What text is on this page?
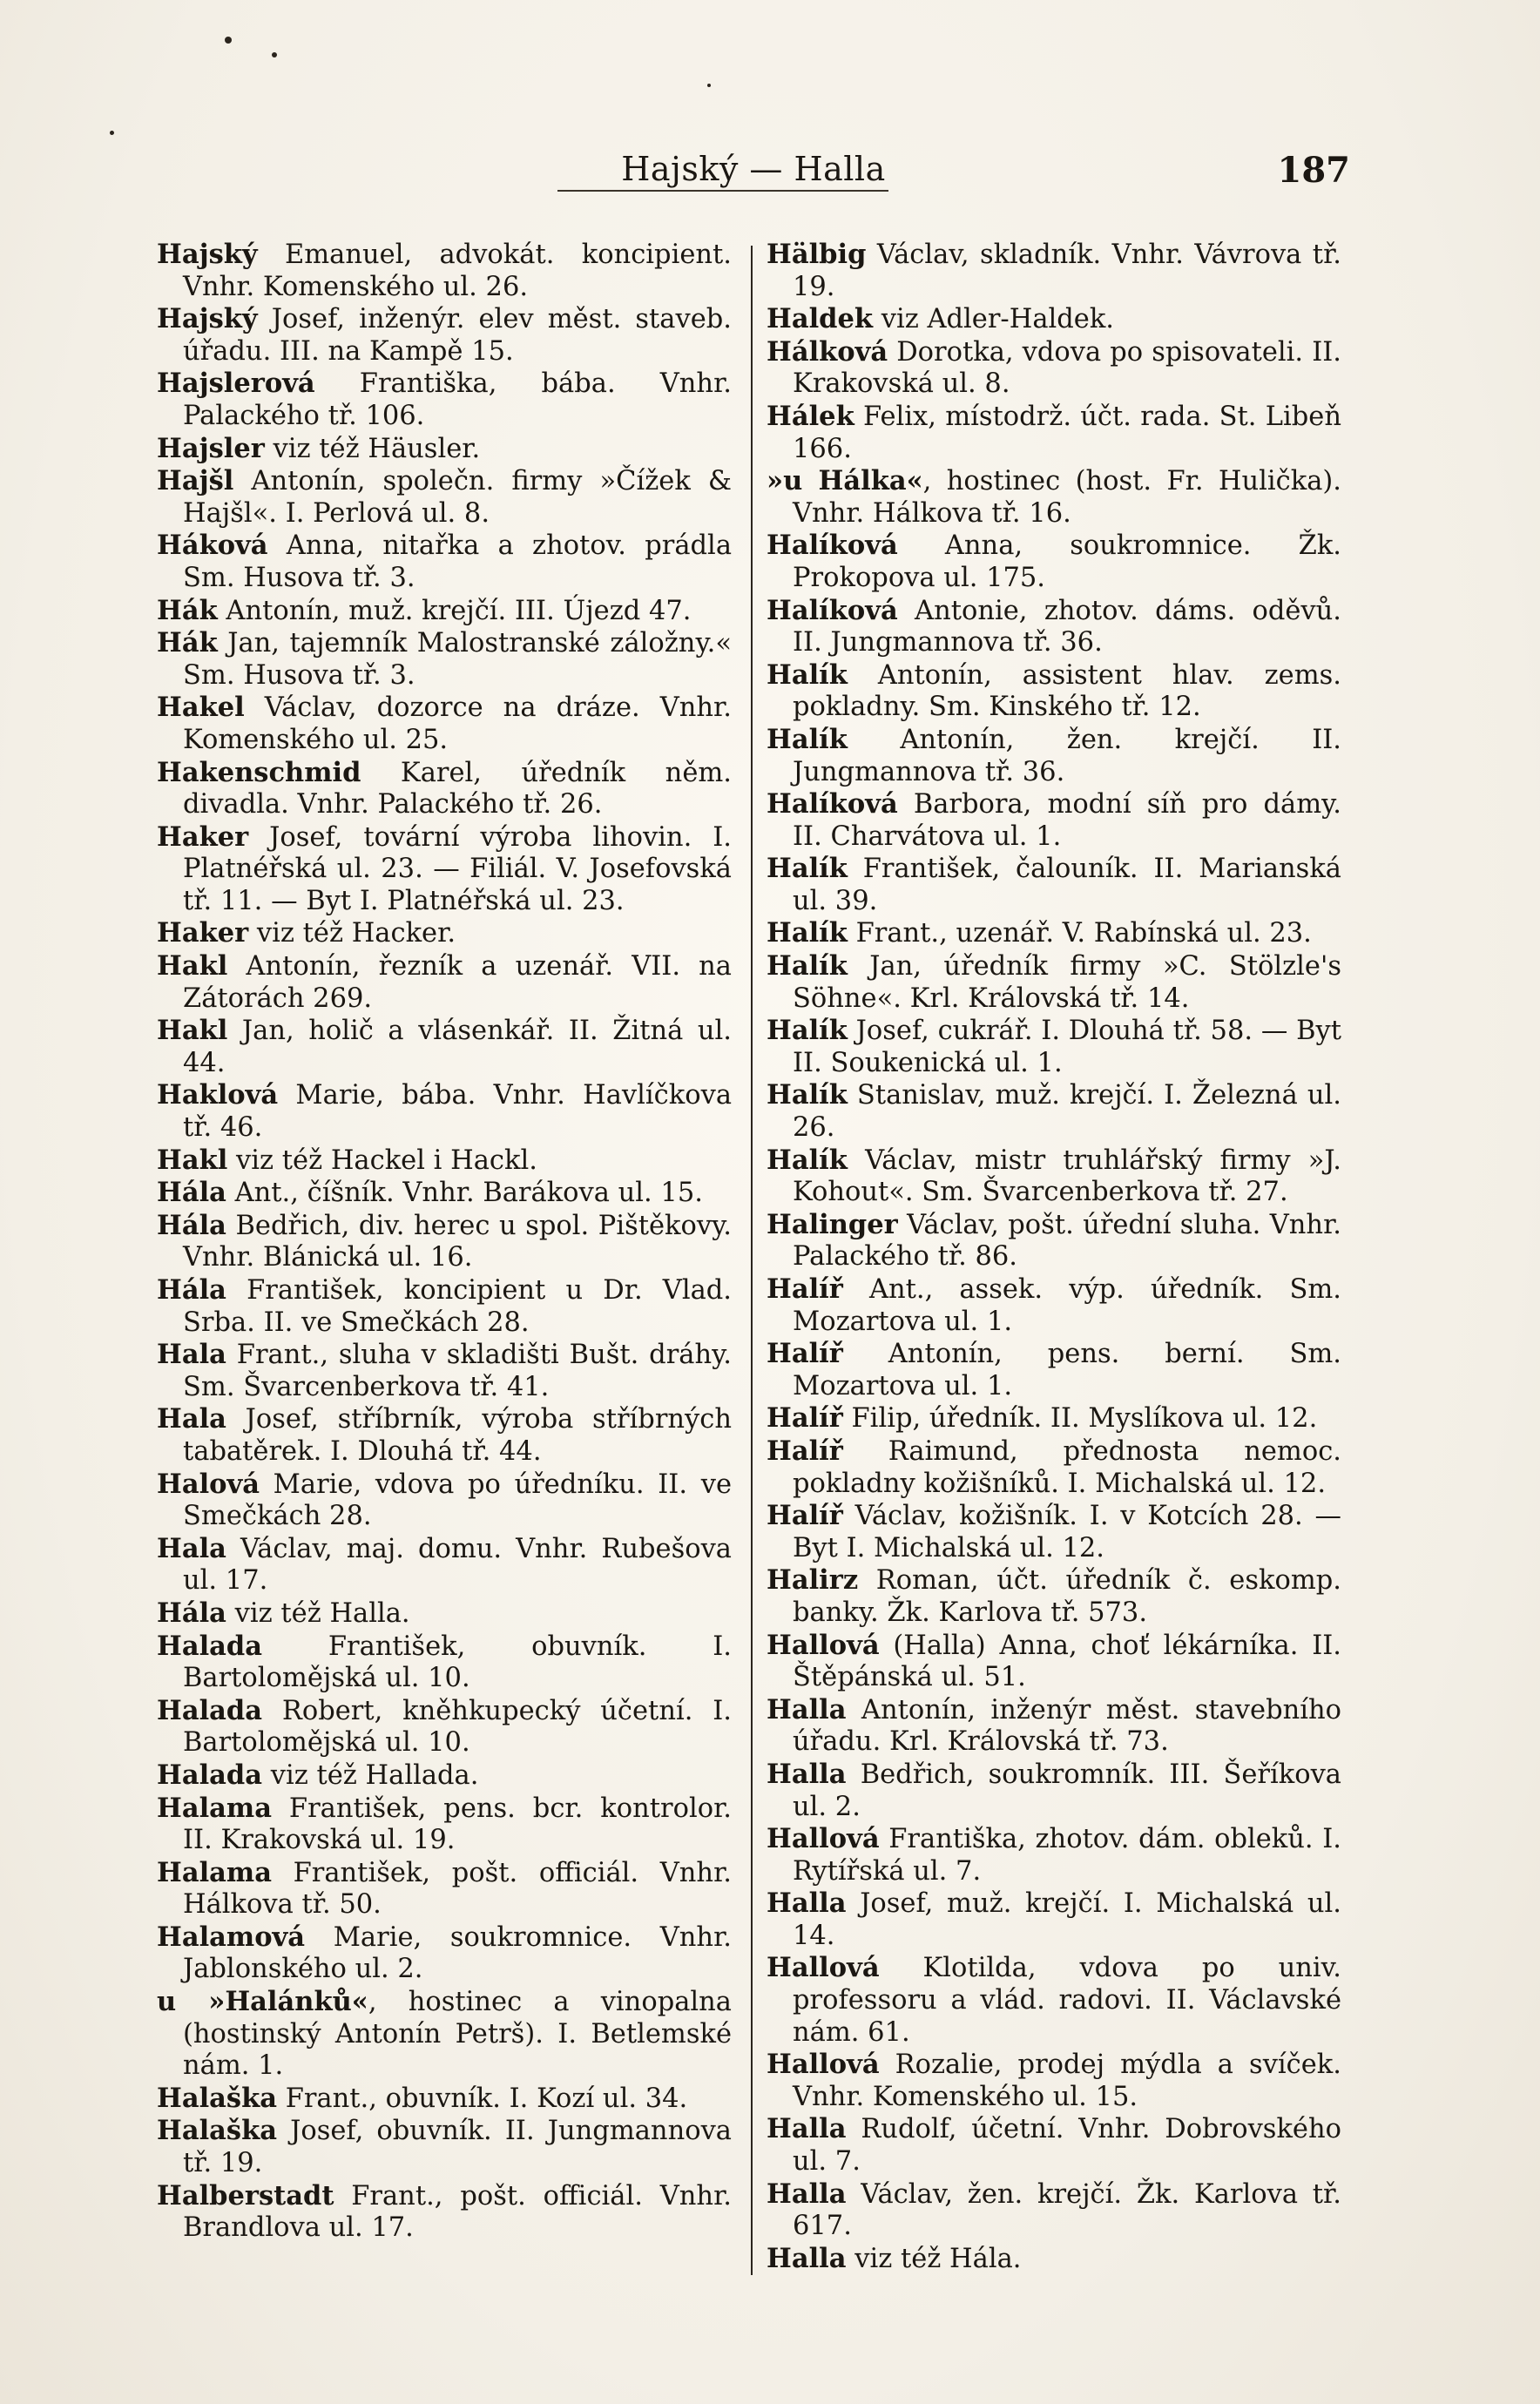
Hajský — Halla	187

Hajský Emanuel, advokát. koncipient. Vnhr. Komenského ul. 26.

Hajský Josef, inženýr. elev měst. staveb. úřadu. III. na Kampě 15.

Hajslerová Františka, bába. Vnhr. Palackého tř. 106.

Hajsler viz též Häusler.

Hajšl Antonín, společn. firmy »Čížek & Hajšl«. I. Perlová ul. 8.

Háková Anna, nitařka a zhotov. prádla Sm. Husova tř. 3.

Hák Antonín, muž. krejčí. III. Újezd 47.

Hák Jan, tajemník Malostranské záložny.« Sm. Husova tř. 3.

Hakel Václav, dozorce na dráze. Vnhr. Komenského ul. 25.

Hakenschmid Karel, úředník něm. divadla. Vnhr. Palackého tř. 26.

Haker Josef, tovární výroba lihovin. I. Platnéřská ul. 23. — Filiál. V. Josefovská tř. 11. — Byt I. Platnéřská ul. 23.

Haker viz též Hacker.

Hakl Antonín, řezník a uzenář. VII. na Zátorách 269.

Hakl Jan, holič a vlásenkář. II. Žitná ul. 44.

Haklová Marie, bába. Vnhr. Havlíčkova tř. 46.

Hakl viz též Hackel i Hackl.

Hála Ant., číšník. Vnhr. Barákova ul. 15.

Hála Bedřich, div. herec u spol. Pištěkovy. Vnhr. Blánická ul. 16.

Hála František, koncipient u Dr. Vlad. Srba. II. ve Smečkách 28.

Hala Frant., sluha v skladišti Bušt. dráhy. Sm. Švarcenberkova tř. 41.

Hala Josef, stříbrník, výroba stříbrných tabatěrek. I. Dlouhá tř. 44.

Halová Marie, vdova po úředníku. II. ve Smečkách 28.

Hala Václav, maj. domu. Vnhr. Rubešova ul. 17.

Hála viz též Halla.

Halada František, obuvník. I. Bartolomějská ul. 10.

Halada Robert, kněhkupecký účetní. I. Bartolomějská ul. 10.

Halada viz též Hallada.

Halama František, pens. bcr. kontrolor. II. Krakovská ul. 19.

Halama František, pošt. officiál. Vnhr. Hálkova tř. 50.

Halamová Marie, soukromnice. Vnhr. Jablonského ul. 2.

u »Halánků«, hostinec a vinopalna (hostinský Antonín Petrš). I. Betlemské nám. 1.

Halaška Frant., obuvník. I. Kozí ul. 34.

Halaška Josef, obuvník. II. Jungmannova tř. 19.

Halberstadt Frant., pošt. officiál. Vnhr. Brandlova ul. 17.

Hälbig Václav, skladník. Vnhr. Vávrova tř. 19.

Haldek viz Adler-Haldek.

Hálková Dorotka, vdova po spisovateli. II. Krakovská ul. 8.

Hálek Felix, místodrž. účt. rada. St. Libeň 166.

»u Hálka«, hostinec (host. Fr. Hulička). Vnhr. Hálkova tř. 16.

Halíková Anna, soukromnice. Žk. Prokopova ul. 175.

Halíková Antonie, zhotov. dáms. oděvů. II. Jungmannova tř. 36.

Halík Antonín, assistent hlav. zems. pokladny. Sm. Kinského tř. 12.

Halík Antonín, žen. krejčí. II. Jungmannova tř. 36.

Halíková Barbora, modní síň pro dámy. II. Charvátova ul. 1.

Halík František, čalouník. II. Marianská ul. 39.

Halík Frant., uzenář. V. Rabínská ul. 23.

Halík Jan, úředník firmy »C. Stölzle's Söhne«. Krl. Královská tř. 14.

Halík Josef, cukrář. I. Dlouhá tř. 58. — Byt II. Soukenická ul. 1.

Halík Stanislav, muž. krejčí. I. Železná ul. 26.

Halík Václav, mistr truhlářský firmy »J. Kohout«. Sm. Švarcenberkova tř. 27.

Halinger Václav, pošt. úřední sluha. Vnhr. Palackého tř. 86.

Halíř Ant., assek. výp. úředník. Sm. Mozartova ul. 1.

Halíř Antonín, pens. berní. Sm. Mozartova ul. 1.

Halíř Filip, úředník. II. Myslíkova ul. 12.

Halíř Raimund, přednosta nemoc. pokladny kožišníků. I. Michalská ul. 12.

Halíř Václav, kožišník. I. v Kotcích 28. — Byt I. Michalská ul. 12.

Halirz Roman, účt. úředník č. eskomp. banky. Žk. Karlova tř. 573.

Hallová (Halla) Anna, choť lékárníka. II. Štěpánská ul. 51.

Halla Antonín, inženýr měst. stavebního úřadu. Krl. Královská tř. 73.

Halla Bedřich, soukromník. III. Šeříkova ul. 2.

Hallová Františka, zhotov. dám. obleků. I. Rytířská ul. 7.

Halla Josef, muž. krejčí. I. Michalská ul. 14.

Hallová Klotilda, vdova po univ. professoru a vlád. radovi. II. Václavské nám. 61.

Hallová Rozalie, prodej mýdla a svíček. Vnhr. Komenského ul. 15.

Halla Rudolf, účetní. Vnhr. Dobrovského ul. 7.

Halla Václav, žen. krejčí. Žk. Karlova tř. 617.

Halla viz též Hála.
